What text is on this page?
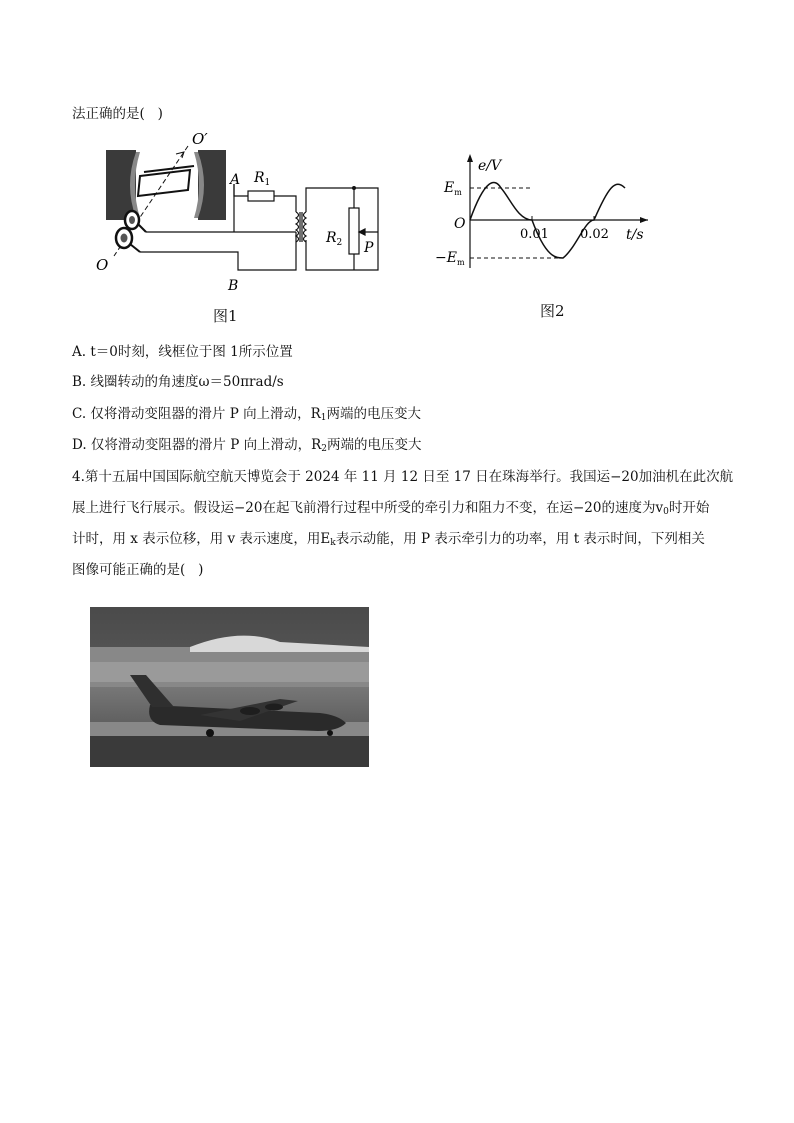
法正确的是(   )
O′
O
A
B
$R_1$
$R_2$ P
图1
e/V
$E_m$
$-E_m$
O
0.01 0.02 t/s
图2
A. t＝0时刻，线框位于图 1所示位置
B. 线圈转动的角速度ω＝50πrad/s
C. 仅将滑动变阻器的滑片 P 向上滑动，$R_1$两端的电压变大
D. 仅将滑动变阻器的滑片 P 向上滑动，$R_2$两端的电压变大
4.第十五届中国国际航空航天博览会于 2024 年 11 月 12 日至 17 日在珠海举行。我国运−20加油机在此次航
展上进行飞行展示。假设运−20在起飞前滑行过程中所受的牵引力和阻力不变，在运−20的速度为$v_0$时开始
计时，用 x 表示位移，用 v 表示速度，用$E_k$表示动能，用 P 表示牵引力的功率，用 t 表示时间，下列相关
图像可能正确的是(   )
